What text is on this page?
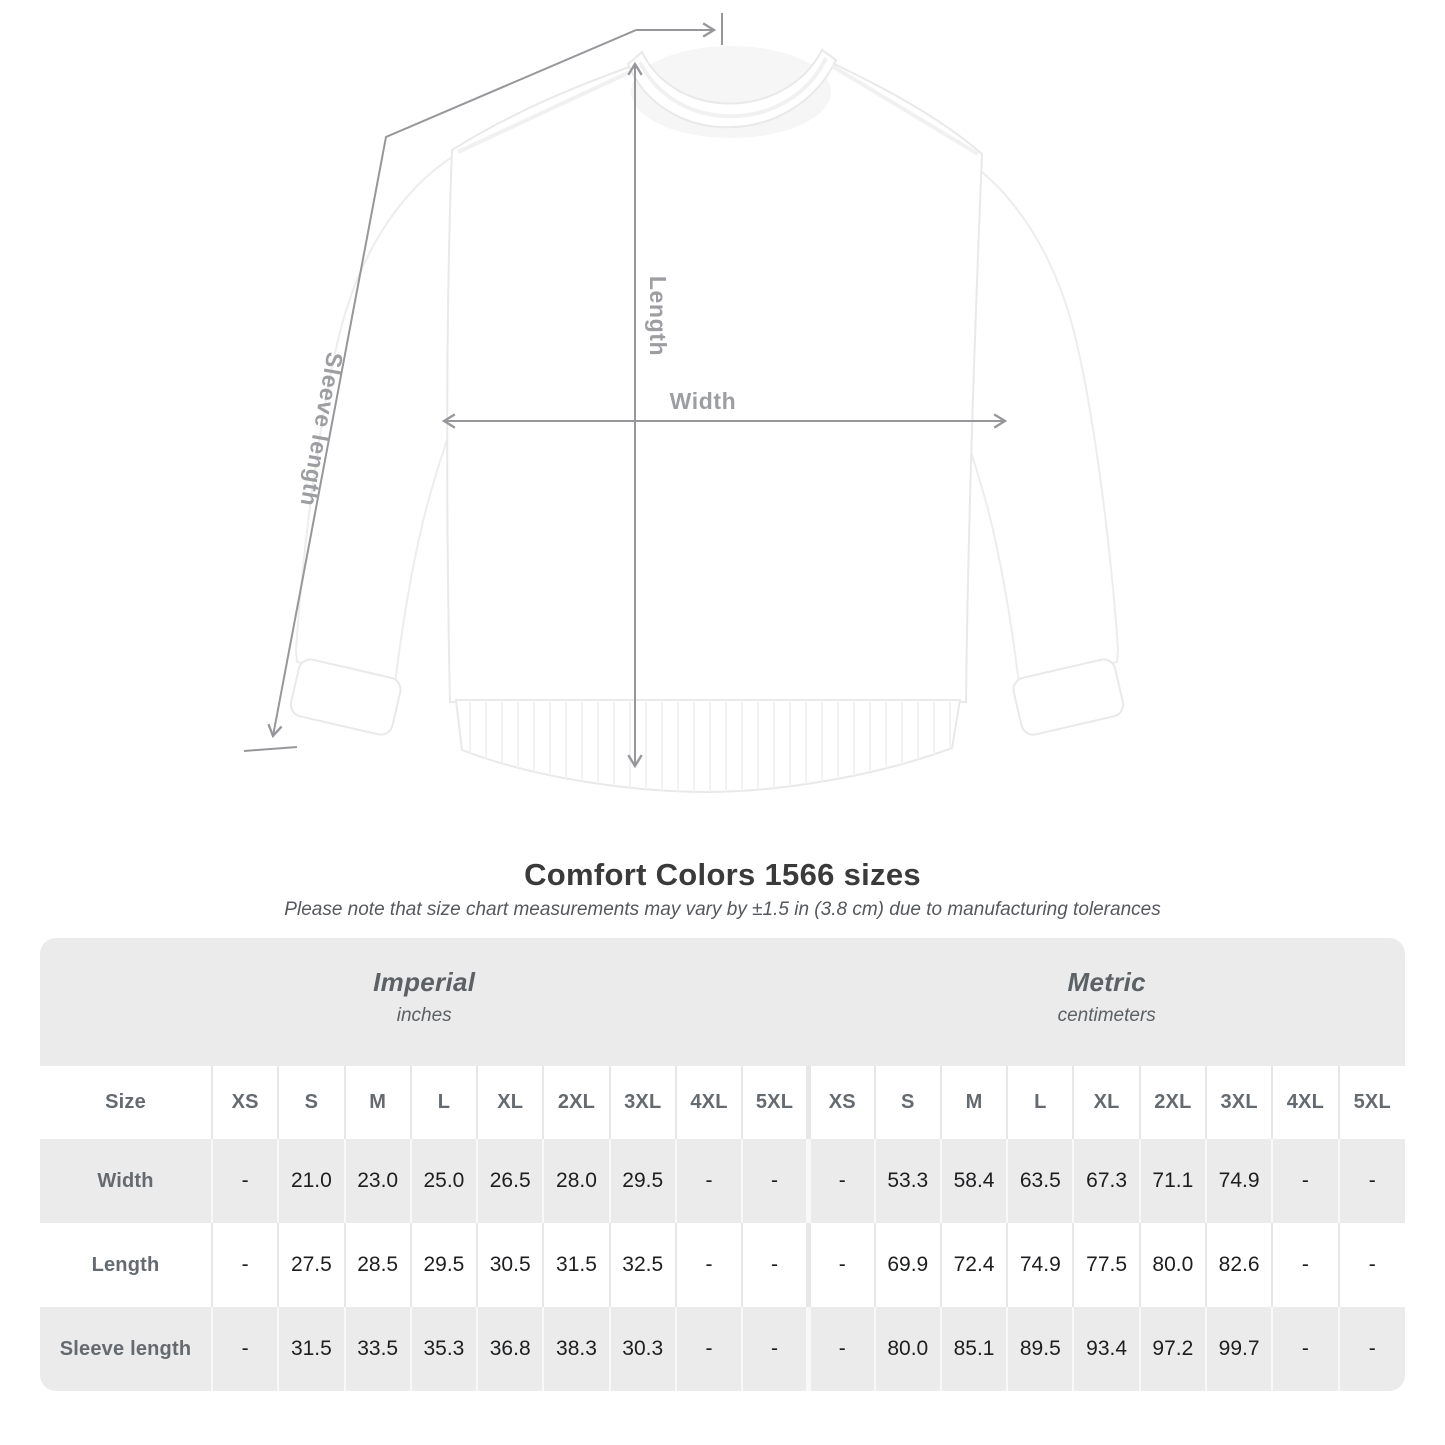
Sleeve length
Length
Width
Comfort Colors 1566 sizes

Please note that size chart measurements may vary by ±1.5 in (3.8 cm) due to manufacturing tolerances

Imperial
inches

Metric
centimeters

Size	XS	S	M	L	XL	2XL	3XL	4XL	5XL	XS	S	M	L	XL	2XL	3XL	4XL	5XL
Width	-	21.0	23.0	25.0	26.5	28.0	29.5	-	-	-	53.3	58.4	63.5	67.3	71.1	74.9	-	-
Length	-	27.5	28.5	29.5	30.5	31.5	32.5	-	-	-	69.9	72.4	74.9	77.5	80.0	82.6	-	-
Sleeve length	-	31.5	33.5	35.3	36.8	38.3	30.3	-	-	-	80.0	85.1	89.5	93.4	97.2	99.7	-	-
